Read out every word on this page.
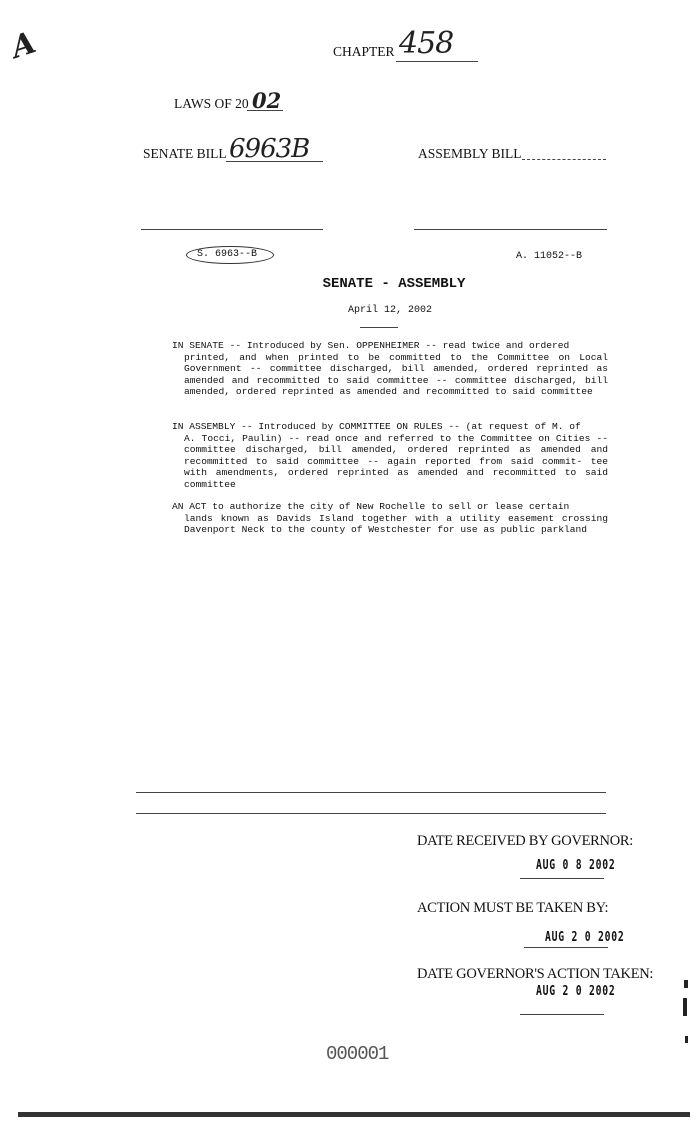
A	CHAPTER 458
LAWS OF 20 02
SENATE BILL 6963B	ASSEMBLY BILL
S. 6963--B	A. 11052--B
SENATE - ASSEMBLY
April 12, 2002
IN SENATE -- Introduced by Sen. OPPENHEIMER -- read twice and ordered
printed, and when printed to be committed to the Committee on Local Government -- committee discharged, bill amended, ordered reprinted as amended and recommitted to said committee -- committee discharged, bill amended, ordered reprinted as amended and recommitted to said committee
IN ASSEMBLY -- Introduced by COMMITTEE ON RULES -- (at request of M. of
A. Tocci, Paulin) -- read once and referred to the Committee on Cities -- committee discharged, bill amended, ordered reprinted as amended and recommitted to said committee -- again reported from said commit- tee with amendments, ordered reprinted as amended and recommitted to said committee
AN ACT to authorize the city of New Rochelle to sell or lease certain
lands known as Davids Island together with a utility easement crossing Davenport Neck to the county of Westchester for use as public parkland
DATE RECEIVED BY GOVERNOR:
AUG 0 8 2002
ACTION MUST BE TAKEN BY:
AUG 2 0 2002
DATE GOVERNOR'S ACTION TAKEN:
AUG 2 0 2002
000001
